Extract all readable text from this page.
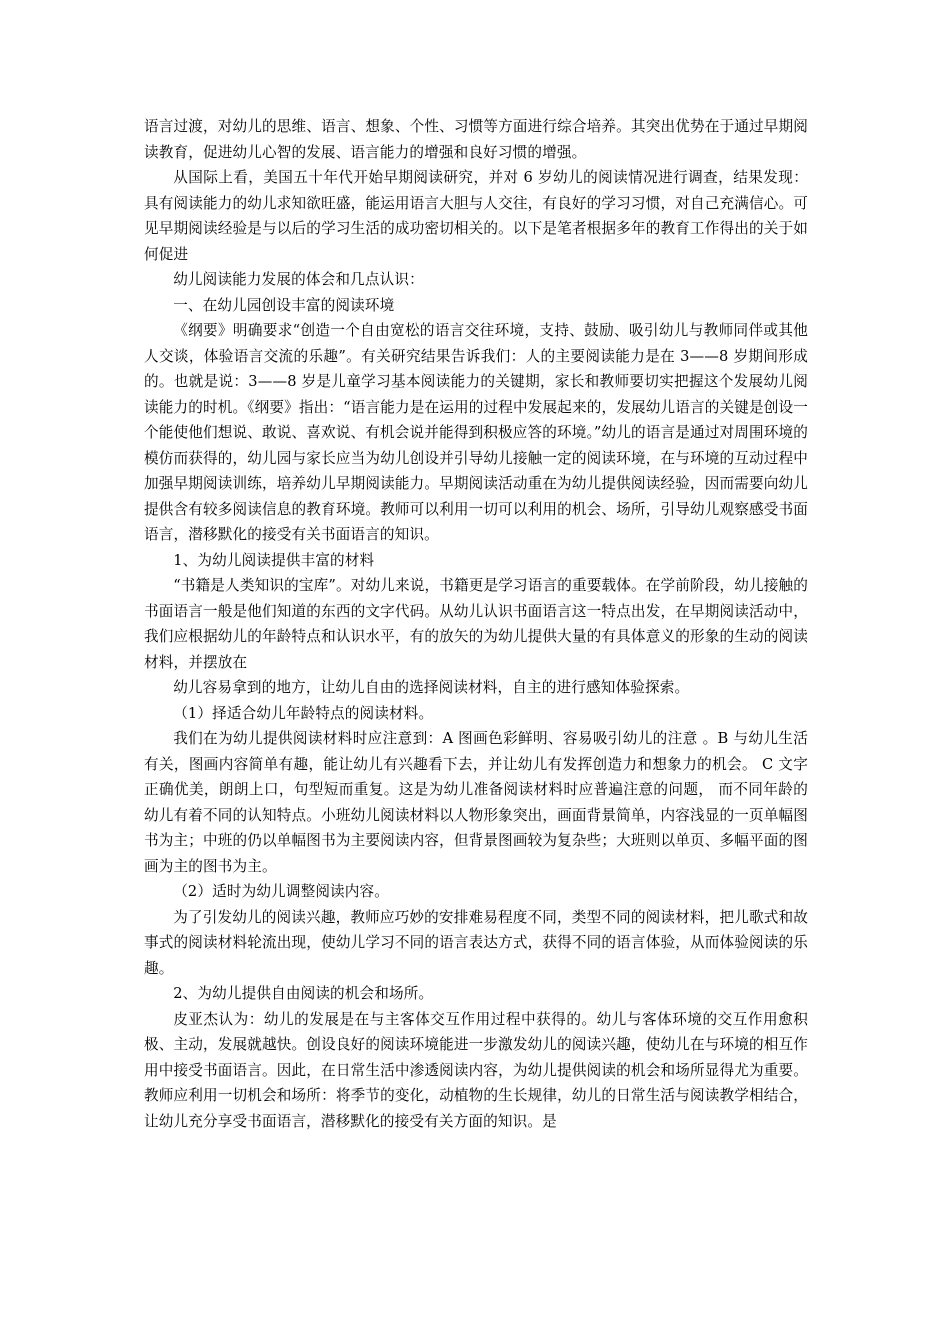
语言过渡，对幼儿的思维、语言、想象、个性、习惯等方面进行综合培养。其突出优势在于通过早期阅读教育，促进幼儿心智的发展、语言能力的增强和良好习惯的增强。

从国际上看，美国五十年代开始早期阅读研究，并对 6 岁幼儿的阅读情况进行调查，结果发现：具有阅读能力的幼儿求知欲旺盛，能运用语言大胆与人交往，有良好的学习习惯，对自己充满信心。可见早期阅读经验是与以后的学习生活的成功密切相关的。以下是笔者根据多年的教育工作得出的关于如何促进

幼儿阅读能力发展的体会和几点认识：

一、在幼儿园创设丰富的阅读环境

《纲要》明确要求“创造一个自由宽松的语言交往环境，支持、鼓励、吸引幼儿与教师同伴或其他人交谈，体验语言交流的乐趣”。有关研究结果告诉我们：人的主要阅读能力是在 3——8 岁期间形成的。也就是说：3——8 岁是儿童学习基本阅读能力的关键期，家长和教师要切实把握这个发展幼儿阅读能力的时机。《纲要》指出：“语言能力是在运用的过程中发展起来的，发展幼儿语言的关键是创设一个能使他们想说、敢说、喜欢说、有机会说并能得到积极应答的环境。”幼儿的语言是通过对周围环境的模仿而获得的，幼儿园与家长应当为幼儿创设并引导幼儿接触一定的阅读环境，在与环境的互动过程中加强早期阅读训练，培养幼儿早期阅读能力。早期阅读活动重在为幼儿提供阅读经验，因而需要向幼儿提供含有较多阅读信息的教育环境。教师可以利用一切可以利用的机会、场所，引导幼儿观察感受书面语言，潜移默化的接受有关书面语言的知识。

1、为幼儿阅读提供丰富的材料

“书籍是人类知识的宝库”。对幼儿来说，书籍更是学习语言的重要载体。在学前阶段，幼儿接触的书面语言一般是他们知道的东西的文字代码。从幼儿认识书面语言这一特点出发，在早期阅读活动中，我们应根据幼儿的年龄特点和认识水平，有的放矢的为幼儿提供大量的有具体意义的形象的生动的阅读材料，并摆放在

幼儿容易拿到的地方，让幼儿自由的选择阅读材料，自主的进行感知体验探索。

（1）择适合幼儿年龄特点的阅读材料。

我们在为幼儿提供阅读材料时应注意到：A 图画色彩鲜明、容易吸引幼儿的注意 。B 与幼儿生活有关，图画内容简单有趣，能让幼儿有兴趣看下去，并让幼儿有发挥创造力和想象力的机会。 C 文字正确优美，朗朗上口，句型短而重复。这是为幼儿准备阅读材料时应普遍注意的问题， 而不同年龄的幼儿有着不同的认知特点。小班幼儿阅读材料以人物形象突出，画面背景简单，内容浅显的一页单幅图书为主；中班的仍以单幅图书为主要阅读内容，但背景图画较为复杂些；大班则以单页、多幅平面的图画为主的图书为主。

（2）适时为幼儿调整阅读内容。

为了引发幼儿的阅读兴趣，教师应巧妙的安排难易程度不同，类型不同的阅读材料，把儿歌式和故事式的阅读材料轮流出现，使幼儿学习不同的语言表达方式，获得不同的语言体验，从而体验阅读的乐趣。

2、为幼儿提供自由阅读的机会和场所。

皮亚杰认为：幼儿的发展是在与主客体交互作用过程中获得的。幼儿与客体环境的交互作用愈积极、主动，发展就越快。创设良好的阅读环境能进一步激发幼儿的阅读兴趣，使幼儿在与环境的相互作用中接受书面语言。因此，在日常生活中渗透阅读内容，为幼儿提供阅读的机会和场所显得尤为重要。教师应利用一切机会和场所：将季节的变化，动植物的生长规律，幼儿的日常生活与阅读教学相结合，让幼儿充分享受书面语言，潜移默化的接受有关方面的知识。是
